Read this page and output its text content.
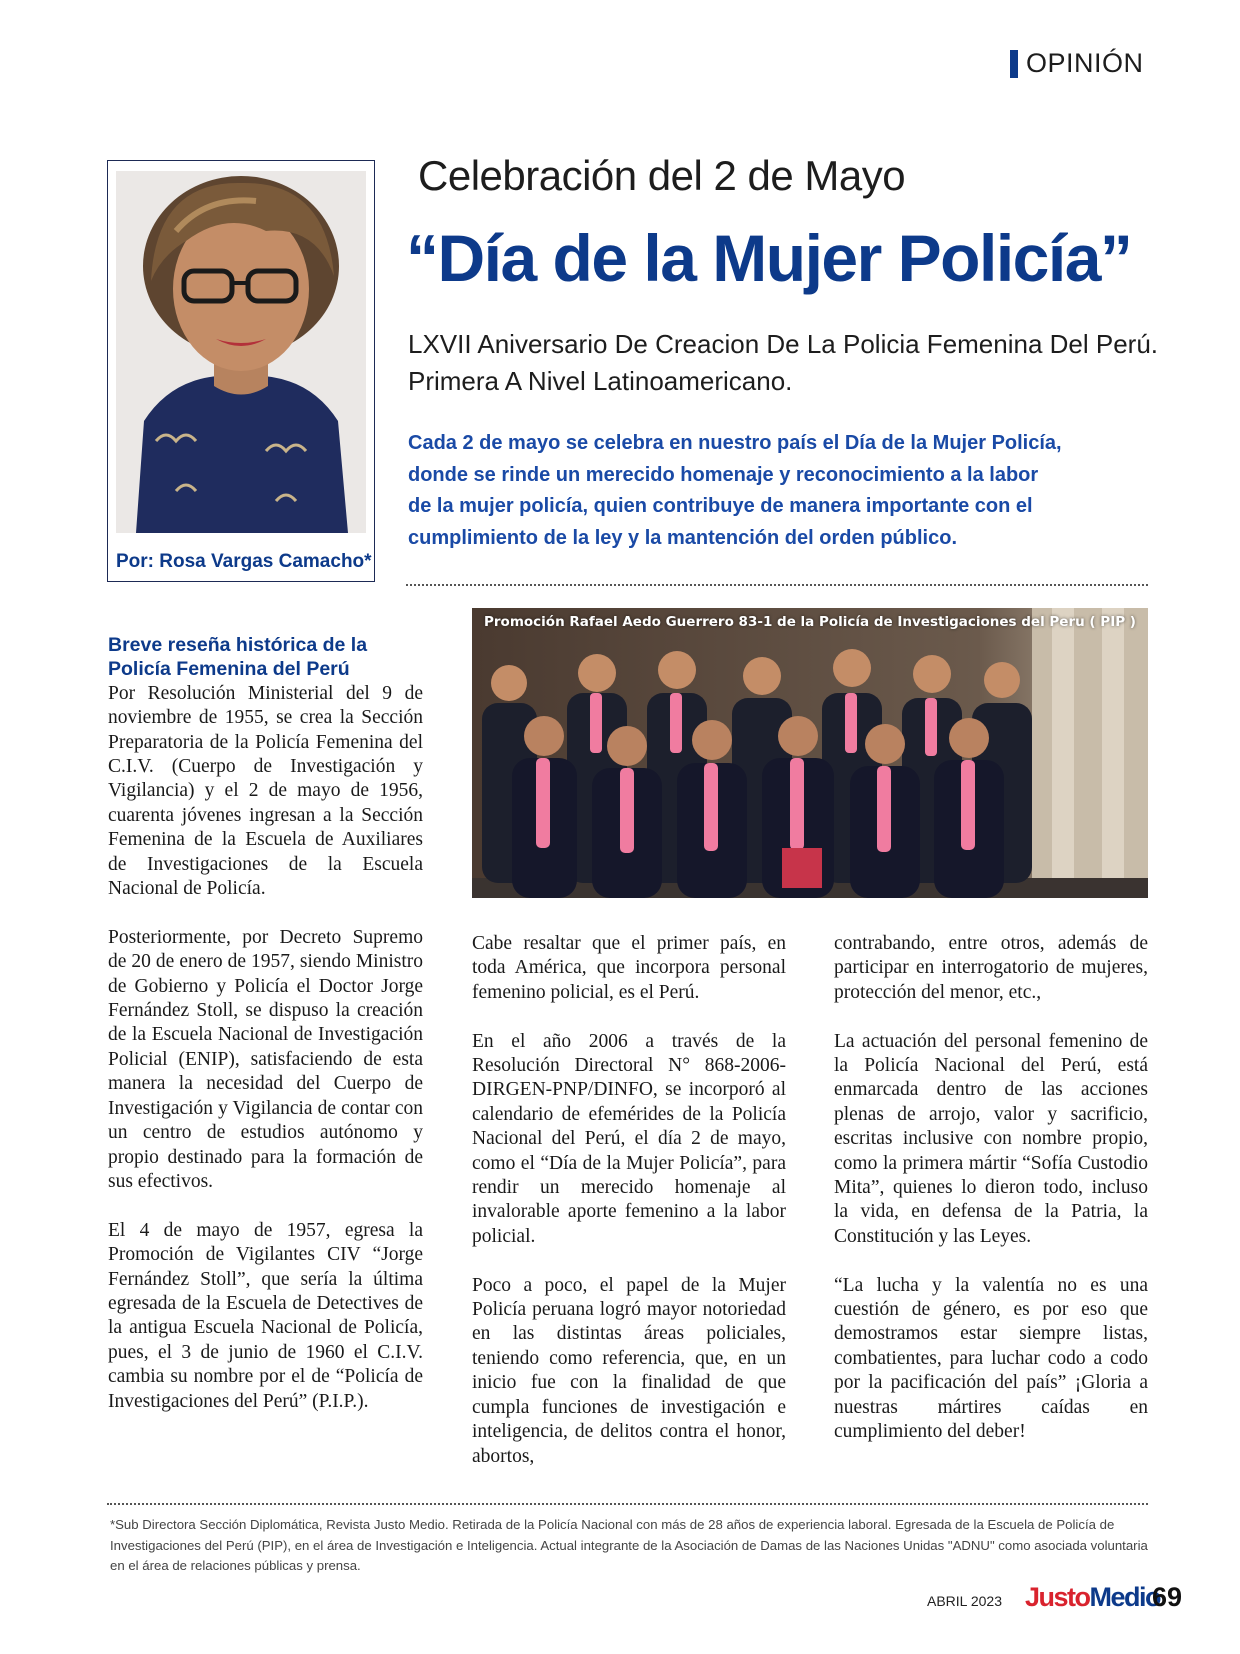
OPINIÓN
Por: Rosa Vargas Camacho*
Celebración del 2 de Mayo
“Día de la Mujer Policía”
LXVII Aniversario De Creacion De La Policia Femenina Del Perú.
Primera A Nivel Latinoamericano.
Cada 2 de mayo se celebra en nuestro país el Día de la Mujer Policía,
donde se rinde un merecido homenaje y reconocimiento a la labor
de la mujer policía, quien contribuye de manera importante con el
cumplimiento de la ley y la mantención del orden público.
Promoción Rafael Aedo Guerrero 83-1 de la Policía de Investigaciones del Peru ( PIP )
Breve reseña histórica de la Policía Femenina del Perú

Por Resolución Ministerial del 9 de noviembre de 1955, se crea la Sección Preparatoria de la Policía Femenina del C.I.V. (Cuerpo de Investigación y Vigilancia) y el 2 de mayo de 1956, cuarenta jóvenes ingresan a la Sección Femenina de la Escuela de Auxiliares de Investigaciones de la Escuela Nacional de Policía.

Posteriormente, por Decreto Supremo de 20 de enero de 1957, siendo Ministro de Gobierno y Policía el Doctor Jorge Fernández Stoll, se dispuso la creación de la Escuela Nacional de Investigación Policial (ENIP), satisfaciendo de esta manera la necesidad del Cuerpo de Investigación y Vigilancia de contar con un centro de estudios autónomo y propio destinado para la formación de sus efectivos.

El 4 de mayo de 1957, egresa la Promoción de Vigilantes CIV “Jorge Fernández Stoll”, que sería la última egresada de la Escuela de Detectives de la antigua Escuela Nacional de Policía, pues, el 3 de junio de 1960 el C.I.V. cambia su nombre por el de “Policía de Investigaciones del Perú” (P.I.P.).

Cabe resaltar que el primer país, en toda América, que incorpora personal femenino policial, es el Perú.

En el año 2006 a través de la Resolución Directoral N° 868-2006- DIRGEN-PNP/DINFO, se incorporó al calendario de efemérides de la Policía Nacional del Perú, el día 2 de mayo, como el “Día de la Mujer Policía”, para rendir un merecido homenaje al invalorable aporte femenino a la labor policial.

Poco a poco, el papel de la Mujer Policía peruana logró mayor notoriedad en las distintas áreas policiales, teniendo como referencia, que, en un inicio fue con la finalidad de que cumpla funciones de investigación e inteligencia, de delitos contra el honor, abortos,

contrabando, entre otros, además de participar en interrogatorio de mujeres, protección del menor, etc.,

La actuación del personal femenino de la Policía Nacional del Perú, está enmarcada dentro de las acciones plenas de arrojo, valor y sacrificio, escritas inclusive con nombre propio, como la primera mártir “Sofía Custodio Mita”, quienes lo dieron todo, incluso la vida, en defensa de la Patria, la Constitución y las Leyes.

“La lucha y la valentía no es una cuestión de género, es por eso que demostramos estar siempre listas, combatientes, para luchar codo a codo por la pacificación del país” ¡Gloria a nuestras mártires caídas en cumplimiento del deber!

*Sub Directora Sección Diplomática, Revista Justo Medio. Retirada de la Policía Nacional con más de 28 años de experiencia laboral. Egresada de la Escuela de Policía de Investigaciones del Perú (PIP), en el área de Investigación e Inteligencia. Actual integrante de la Asociación de Damas de las Naciones Unidas "ADNU" como asociada voluntaria en el área de relaciones públicas y prensa.
ABRIL 2023 JustoMedio
69
